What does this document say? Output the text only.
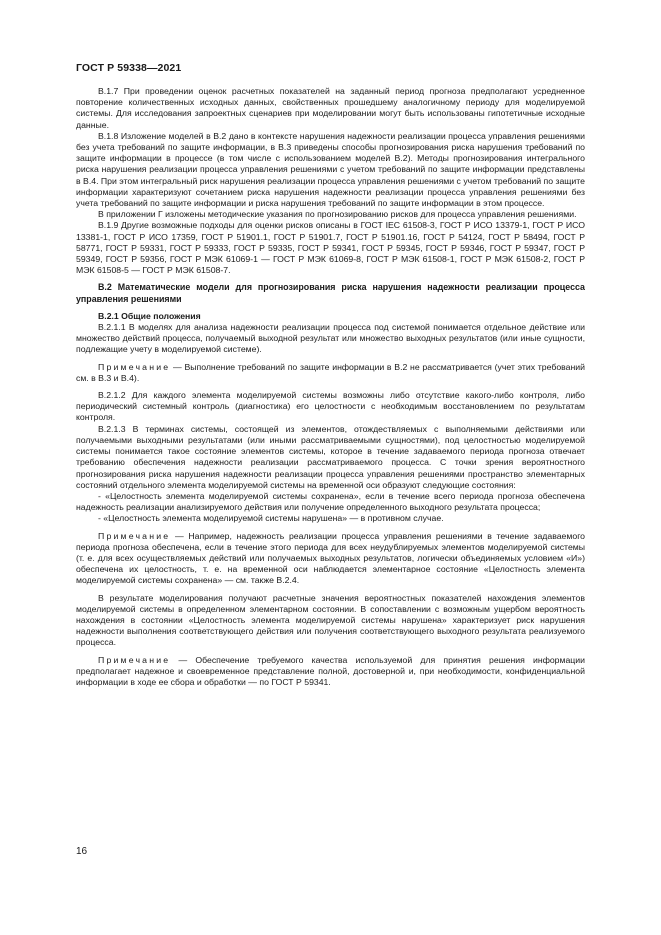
ГОСТ Р 59338—2021

В.1.7 При проведении оценок расчетных показателей на заданный период прогноза предполагают усредненное повторение количественных исходных данных, свойственных прошедшему аналогичному периоду для моделируемой системы. Для исследования запроектных сценариев при моделировании могут быть использованы гипотетичные исходные данные.

В.1.8 Изложение моделей в В.2 дано в контексте нарушения надежности реализации процесса управления решениями без учета требований по защите информации, в В.3 приведены способы прогнозирования риска нарушения требований по защите информации в процессе (в том числе с использованием моделей В.2). Методы прогнозирования интегрального риска нарушения реализации процесса управления решениями с учетом требований по защите информации представлены в В.4. При этом интегральный риск нарушения реализации процесса управления решениями с учетом требований по защите информации характеризуют сочетанием риска нарушения надежности реализации процесса управления решениями без учета требований по защите информации и риска нарушения требований по защите информации в этом процессе.

В приложении Г изложены методические указания по прогнозированию рисков для процесса управления решениями.

В.1.9 Другие возможные подходы для оценки рисков описаны в ГОСТ IEC 61508-3, ГОСТ Р ИСО 13379-1, ГОСТ Р ИСО 13381-1, ГОСТ Р ИСО 17359, ГОСТ Р 51901.1, ГОСТ Р 51901.7, ГОСТ Р 51901.16, ГОСТ Р 54124, ГОСТ Р 58494, ГОСТ Р 58771, ГОСТ Р 59331, ГОСТ Р 59333, ГОСТ Р 59335, ГОСТ Р 59341, ГОСТ Р 59345, ГОСТ Р 59346, ГОСТ Р 59347, ГОСТ Р 59349, ГОСТ Р 59356, ГОСТ Р МЭК 61069-1 — ГОСТ Р МЭК 61069-8, ГОСТ Р МЭК 61508-1, ГОСТ Р МЭК 61508-2, ГОСТ Р МЭК 61508-5 — ГОСТ Р МЭК 61508-7.

В.2 Математические модели для прогнозирования риска нарушения надежности реализации процесса управления решениями

В.2.1 Общие положения

В.2.1.1 В моделях для анализа надежности реализации процесса под системой понимается отдельное действие или множество действий процесса, получаемый выходной результат или множество выходных результатов (или иные сущности, подлежащие учету в моделируемой системе).

Примечание — Выполнение требований по защите информации в В.2 не рассматривается (учет этих требований см. в В.3 и В.4).

В.2.1.2 Для каждого элемента моделируемой системы возможны либо отсутствие какого-либо контроля, либо периодический системный контроль (диагностика) его целостности с необходимым восстановлением по результатам контроля.

В.2.1.3 В терминах системы, состоящей из элементов, отождествляемых с выполняемыми действиями или получаемыми выходными результатами (или иными рассматриваемыми сущностями), под целостностью моделируемой системы понимается такое состояние элементов системы, которое в течение задаваемого периода прогноза отвечает требованию обеспечения надежности реализации рассматриваемого процесса. С точки зрения вероятностного прогнозирования риска нарушения надежности реализации процесса управления решениями пространство элементарных состояний отдельного элемента моделируемой системы на временной оси образуют следующие состояния:

- «Целостность элемента моделируемой системы сохранена», если в течение всего периода прогноза обеспечена надежность реализации анализируемого действия или получение определенного выходного результата процесса;

- «Целостность элемента моделируемой системы нарушена» — в противном случае.

Примечание — Например, надежность реализации процесса управления решениями в течение задаваемого периода прогноза обеспечена, если в течение этого периода для всех неудублируемых элементов моделируемой системы (т. е. для всех осуществляемых действий или получаемых выходных результатов, логически объединяемых условием «И») обеспечена их целостность, т. е. на временной оси наблюдается элементарное состояние «Целостность элемента моделируемой системы сохранена» — см. также В.2.4.

В результате моделирования получают расчетные значения вероятностных показателей нахождения элементов моделируемой системы в определенном элементарном состоянии. В сопоставлении с возможным ущербом вероятность нахождения в состоянии «Целостность элемента моделируемой системы нарушена» характеризует риск нарушения надежности выполнения соответствующего действия или получения соответствующего выходного результата реализуемого процесса.

Примечание — Обеспечение требуемого качества используемой для принятия решения информации предполагает надежное и своевременное представление полной, достоверной и, при необходимости, конфиденциальной информации в ходе ее сбора и обработки — по ГОСТ Р 59341.

16
